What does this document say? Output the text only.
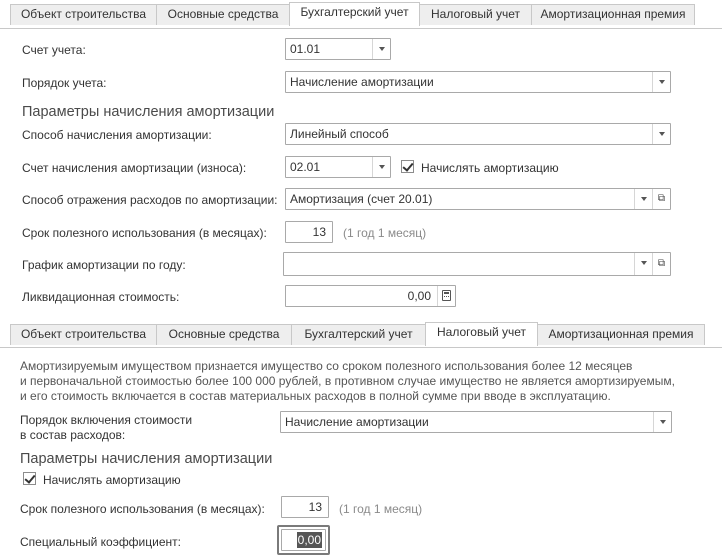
Объект строительства	Основные средства	Бухгалтерский учет	Налоговый учет	Амортизационная премия
Счет учета:	01.01
Порядок учета:	Начисление амортизации
Параметры начисления амортизации
Способ начисления амортизации:	Линейный способ
Счет начисления амортизации (износа):	02.01	Начислять амортизацию
Способ отражения расходов по амортизации: Амортизация (счет 20.01)	⧉
Срок полезного использования (в месяцах):	13 (1 год 1 месяц)
График амортизации по году:	⧉
Ликвидационная стоимость:	0,00
Объект строительства	Основные средства	Бухгалтерский учет	Налоговый учет	Амортизационная премия
Амортизируемым имуществом признается имущество со сроком полезного использования более 12 месяцев
и первоначальной стоимостью более 100 000 рублей, в противном случае имущество не является амортизируемым,
и его стоимость включается в состав материальных расходов в полной сумме при вводе в эксплуатацию.
Порядок включения стоимости
в состав расходов:
Начисление амортизации
Параметры начисления амортизации
Начислять амортизацию
Срок полезного использования (в месяцах):	13 (1 год 1 месяц)
Специальный коэффициент:	0,00
